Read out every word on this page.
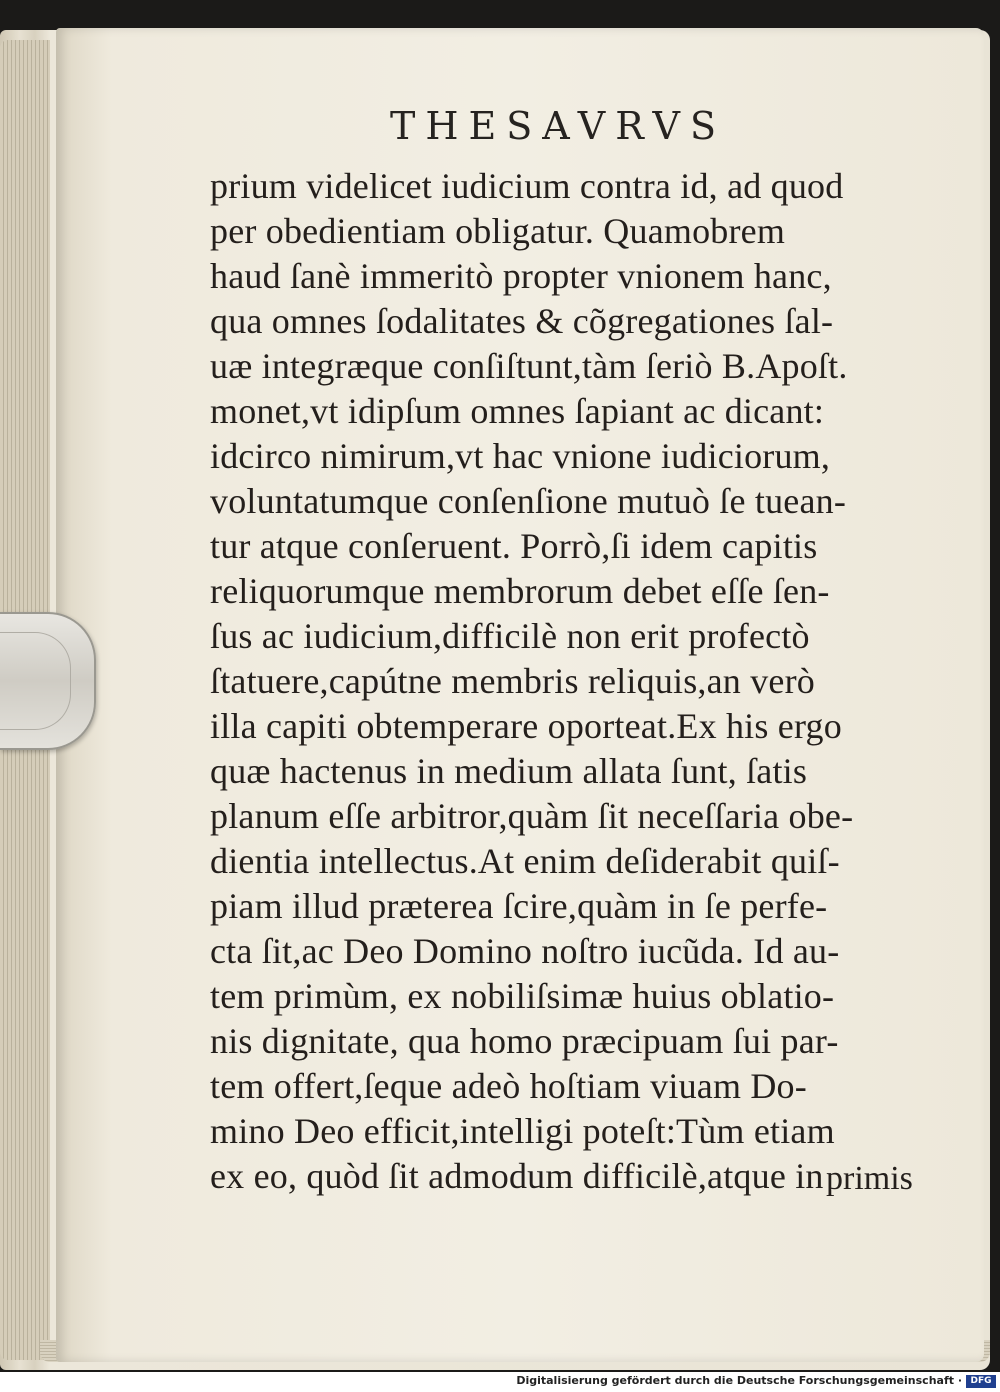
THESAVRVS
prium videlicet iudicium contra id, ad quod
per obedientiam obligatur. Quamobrem
haud ſanè immeritò propter vnionem hanc,
qua omnes ſodalitates & cõgregationes ſal-
uæ integræque conſiſtunt,tàm ſeriò B.Apoſt.
monet,vt idipſum omnes ſapiant ac dicant:
idcirco nimirum,vt hac vnione iudiciorum,
voluntatumque conſenſione mutuò ſe tuean-
tur atque conſeruent. Porrò,ſi idem capitis
reliquorumque membrorum debet eſſe ſen-
ſus ac iudicium,difficilè non erit profectò
ſtatuere,capútne membris reliquis,an verò
illa capiti obtemperare oporteat.Ex his ergo
quæ hactenus in medium allata ſunt, ſatis
planum eſſe arbitror,quàm ſit neceſſaria obe-
dientia intellectus.At enim deſiderabit quiſ-
piam illud præterea ſcire,quàm in ſe perfe-
cta ſit,ac Deo Domino noſtro iucũda. Id au-
tem primùm, ex nobiliſsimæ huius oblatio-
nis dignitate, qua homo præcipuam ſui par-
tem offert,ſeque adeò hoſtiam viuam Do-
mino Deo efficit,intelligi poteſt:Tùm etiam
ex eo, quòd ſit admodum difficilè,atque in primis
Digitalisierung gefördert durch die Deutsche Forschungsgemeinschaft · DFG
